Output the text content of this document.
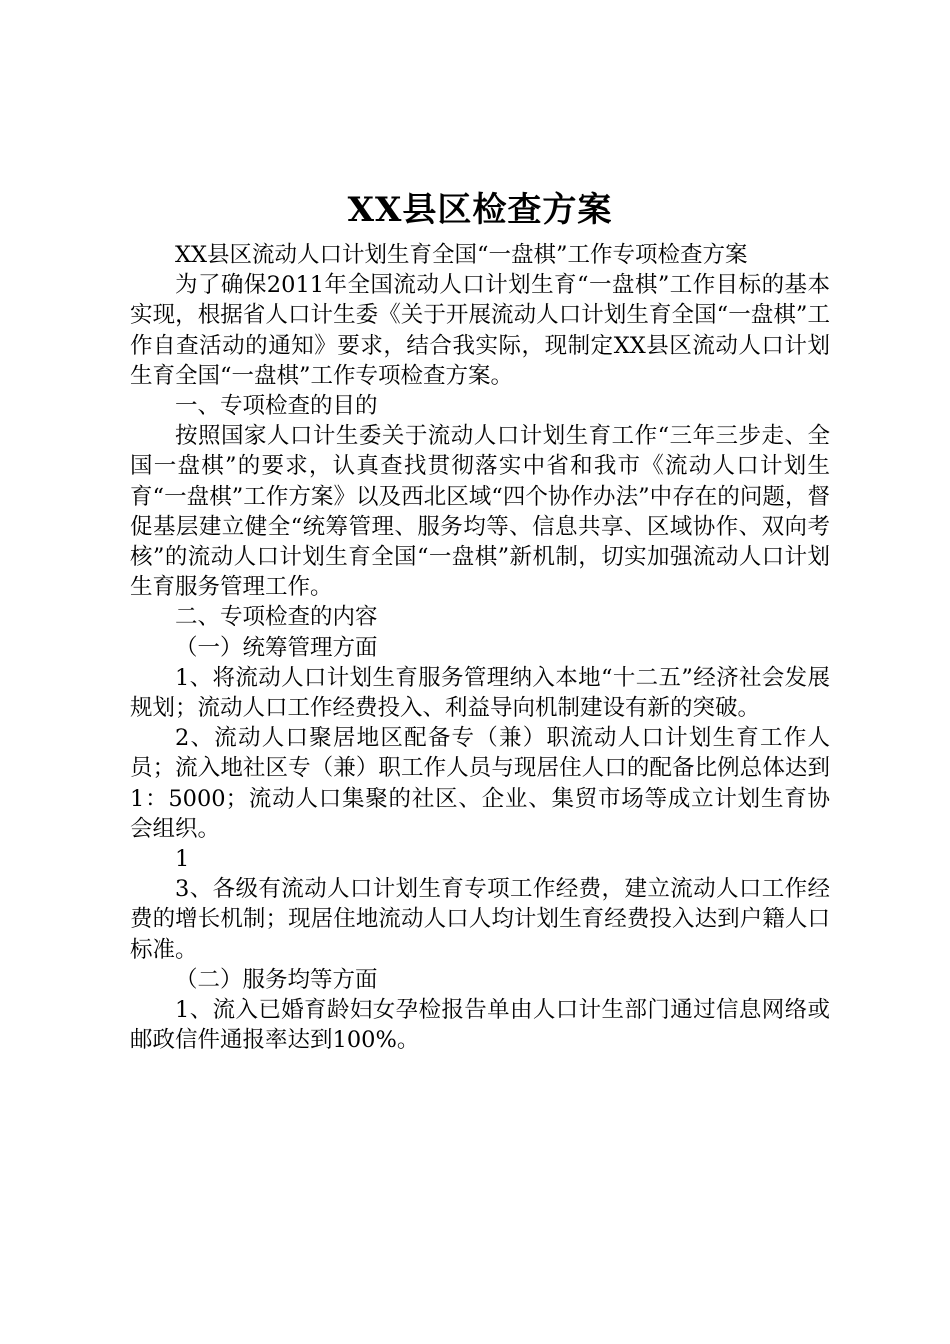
XX县区检查方案

XX县区流动人口计划生育全国“一盘棋”工作专项检查方案

为了确保2011年全国流动人口计划生育“一盘棋”工作目标的基本实现，根据省人口计生委《关于开展流动人口计划生育全国“一盘棋”工作自查活动的通知》要求，结合我实际，现制定XX县区流动人口计划生育全国“一盘棋”工作专项检查方案。

一、专项检查的目的

按照国家人口计生委关于流动人口计划生育工作“三年三步走、全国一盘棋”的要求，认真查找贯彻落实中省和我市《流动人口计划生育“一盘棋”工作方案》以及西北区域“四个协作办法”中存在的问题，督促基层建立健全“统筹管理、服务均等、信息共享、区域协作、双向考核”的流动人口计划生育全国“一盘棋”新机制，切实加强流动人口计划生育服务管理工作。

二、专项检查的内容

（一）统筹管理方面

1、将流动人口计划生育服务管理纳入本地“十二五”经济社会发展规划；流动人口工作经费投入、利益导向机制建设有新的突破。

2、流动人口聚居地区配备专（兼）职流动人口计划生育工作人员；流入地社区专（兼）职工作人员与现居住人口的配备比例总体达到1：5000；流动人口集聚的社区、企业、集贸市场等成立计划生育协会组织。

1

3、各级有流动人口计划生育专项工作经费，建立流动人口工作经费的增长机制；现居住地流动人口人均计划生育经费投入达到户籍人口标准。

（二）服务均等方面

1、流入已婚育龄妇女孕检报告单由人口计生部门通过信息网络或邮政信件通报率达到100%。
